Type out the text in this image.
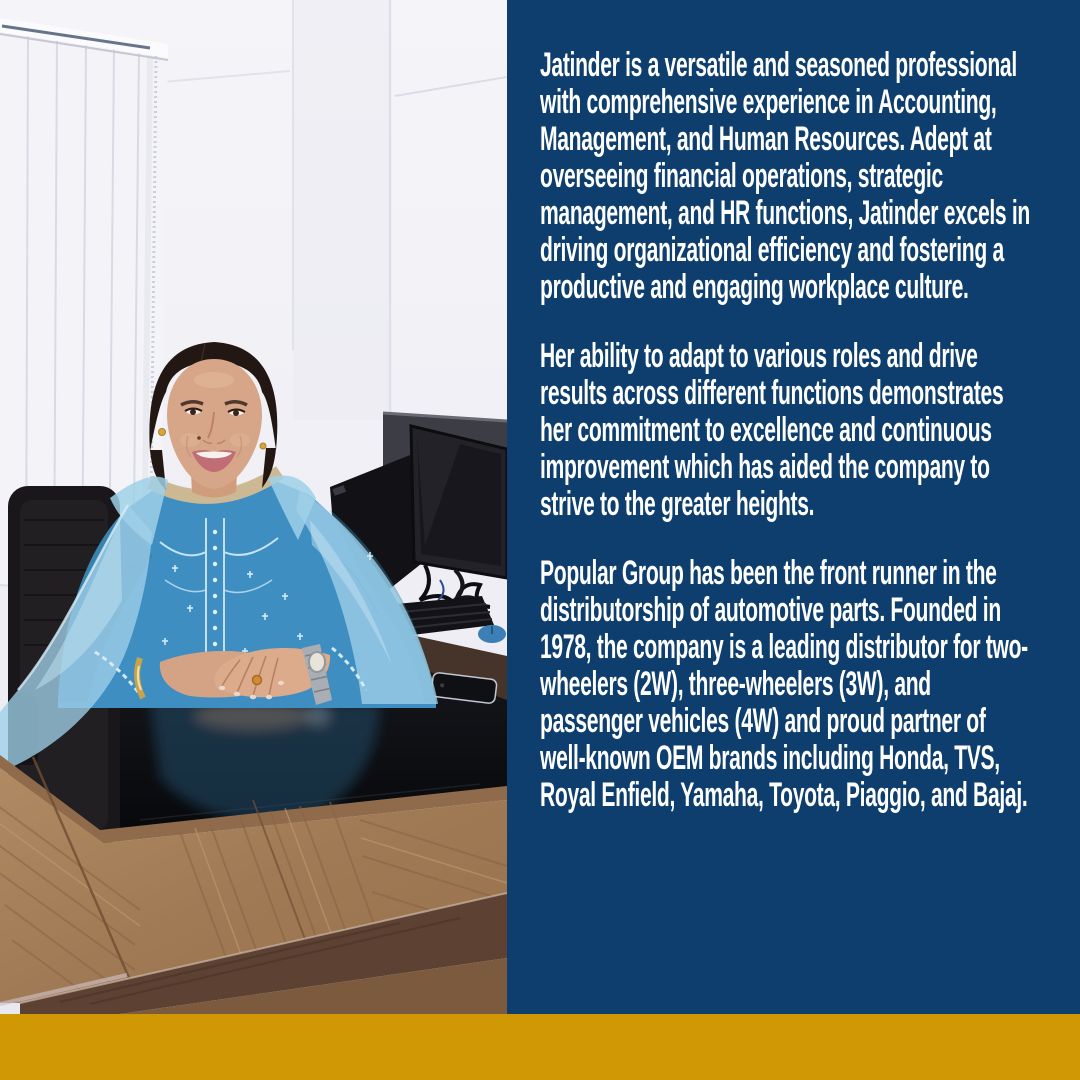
Jatinder is a versatile and seasoned professional
with comprehensive experience in Accounting,
Management, and Human Resources. Adept at
overseeing financial operations, strategic
management, and HR functions, Jatinder excels in
driving organizational efficiency and fostering a
productive and engaging workplace culture.

Her ability to adapt to various roles and drive
results across different functions demonstrates
her commitment to excellence and continuous
improvement which has aided the company to
strive to the greater heights.

Popular Group has been the front runner in the
distributorship of automotive parts. Founded in
1978, the company is a leading distributor for two-
wheelers (2W), three-wheelers (3W), and
passenger vehicles (4W) and proud partner of
well-known OEM brands including Honda, TVS,
Royal Enfield, Yamaha, Toyota, Piaggio, and Bajaj.
